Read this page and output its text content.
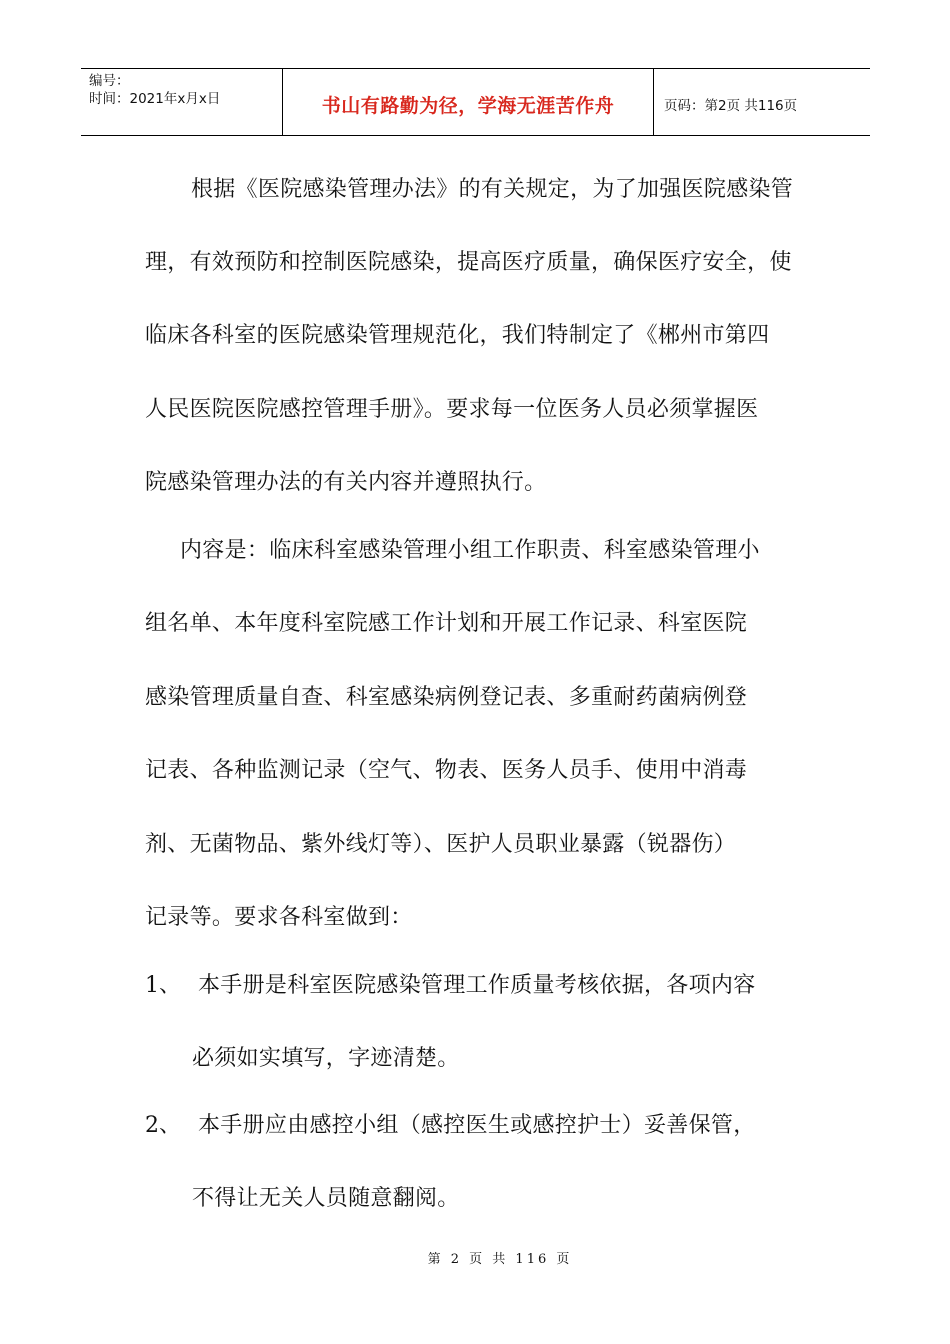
编号：
时间：2021年x月x日	书山有路勤为径，学海无涯苦作舟	页码：第2页 共116页
根据《医院感染管理办法》的有关规定，为了加强医院感染管
理，有效预防和控制医院感染，提高医疗质量，确保医疗安全，使
临床各科室的医院感染管理规范化，我们特制定了《郴州市第四
人民医院医院感控管理手册》。要求每一位医务人员必须掌握医
院感染管理办法的有关内容并遵照执行。
内容是：临床科室感染管理小组工作职责、科室感染管理小
组名单、本年度科室院感工作计划和开展工作记录、科室医院
感染管理质量自查、科室感染病例登记表、多重耐药菌病例登
记表、各种监测记录（空气、物表、医务人员手、使用中消毒
剂、无菌物品、紫外线灯等）、医护人员职业暴露（锐器伤）
记录等。要求各科室做到：
1、 本手册是科室医院感染管理工作质量考核依据，各项内容
必须如实填写，字迹清楚。
2、 本手册应由感控小组（感控医生或感控护士）妥善保管，
不得让无关人员随意翻阅。
第 2 页 共 116 页
